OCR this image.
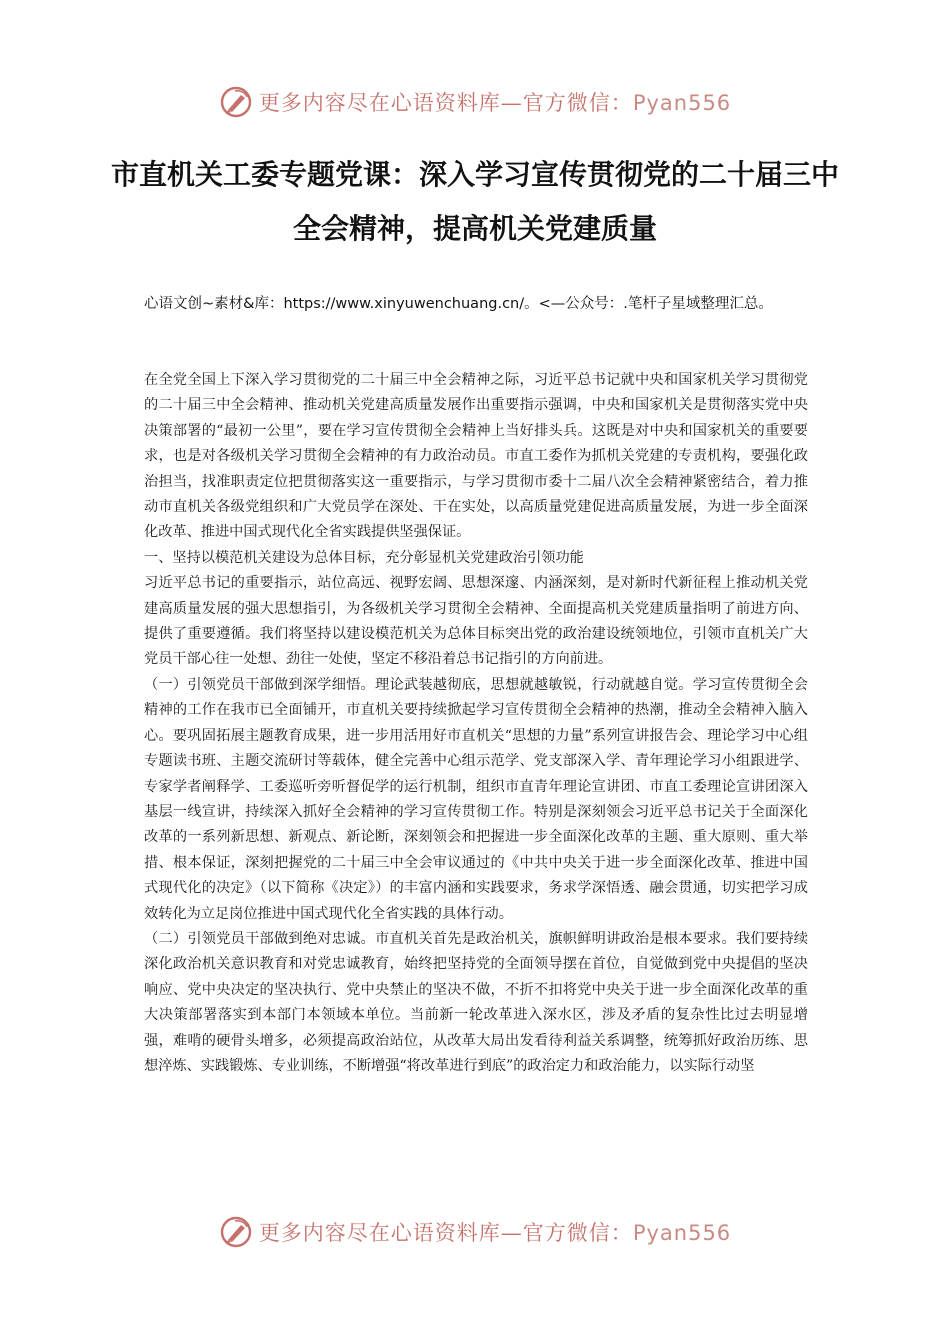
更多内容尽在心语资料库—官方微信：Pyan556
市直机关工委专题党课：深入学习宣传贯彻党的二十届三中全会精神，提高机关党建质量

心语文创~素材&库：https://www.xinyuwenchuang.cn/。<—公众号：.笔杆子星域整理汇总。

在全党全国上下深入学习贯彻党的二十届三中全会精神之际，习近平总书记就中央和国家机关学习贯彻党的二十届三中全会精神、推动机关党建高质量发展作出重要指示强调，中央和国家机关是贯彻落实党中央决策部署的“最初一公里”，要在学习宣传贯彻全会精神上当好排头兵。这既是对中央和国家机关的重要要求，也是对各级机关学习贯彻全会精神的有力政治动员。市直工委作为抓机关党建的专责机构，要强化政治担当，找准职责定位把贯彻落实这一重要指示，与学习贯彻市委十二届八次全会精神紧密结合，着力推动市直机关各级党组织和广大党员学在深处、干在实处，以高质量党建促进高质量发展，为进一步全面深化改革、推进中国式现代化全省实践提供坚强保证。

一、坚持以模范机关建设为总体目标，充分彰显机关党建政治引领功能

习近平总书记的重要指示，站位高远、视野宏阔、思想深邃、内涵深刻，是对新时代新征程上推动机关党建高质量发展的强大思想指引，为各级机关学习贯彻全会精神、全面提高机关党建质量指明了前进方向、提供了重要遵循。我们将坚持以建设模范机关为总体目标突出党的政治建设统领地位，引领市直机关广大党员干部心往一处想、劲往一处使，坚定不移沿着总书记指引的方向前进。

（一）引领党员干部做到深学细悟。理论武装越彻底，思想就越敏锐，行动就越自觉。学习宣传贯彻全会精神的工作在我市已全面铺开，市直机关要持续掀起学习宣传贯彻全会精神的热潮，推动全会精神入脑入心。要巩固拓展主题教育成果，进一步用活用好市直机关“思想的力量”系列宣讲报告会、理论学习中心组专题读书班、主题交流研讨等载体，健全完善中心组示范学、党支部深入学、青年理论学习小组跟进学、专家学者阐释学、工委巡听旁听督促学的运行机制，组织市直青年理论宣讲团、市直工委理论宣讲团深入基层一线宣讲，持续深入抓好全会精神的学习宣传贯彻工作。特别是深刻领会习近平总书记关于全面深化改革的一系列新思想、新观点、新论断，深刻领会和把握进一步全面深化改革的主题、重大原则、重大举措、根本保证，深刻把握党的二十届三中全会审议通过的《中共中央关于进一步全面深化改革、推进中国式现代化的决定》（以下简称《决定》）的丰富内涵和实践要求，务求学深悟透、融会贯通，切实把学习成效转化为立足岗位推进中国式现代化全省实践的具体行动。

（二）引领党员干部做到绝对忠诚。市直机关首先是政治机关，旗帜鲜明讲政治是根本要求。我们要持续深化政治机关意识教育和对党忠诚教育，始终把坚持党的全面领导摆在首位，自觉做到党中央提倡的坚决响应、党中央决定的坚决执行、党中央禁止的坚决不做，不折不扣将党中央关于进一步全面深化改革的重大决策部署落实到本部门本领域本单位。当前新一轮改革进入深水区，涉及矛盾的复杂性比过去明显增强，难啃的硬骨头增多，必须提高政治站位，从改革大局出发看待利益关系调整，统筹抓好政治历练、思想淬炼、实践锻炼、专业训练，不断增强“将改革进行到底”的政治定力和政治能力，以实际行动坚

更多内容尽在心语资料库—官方微信：Pyan556
